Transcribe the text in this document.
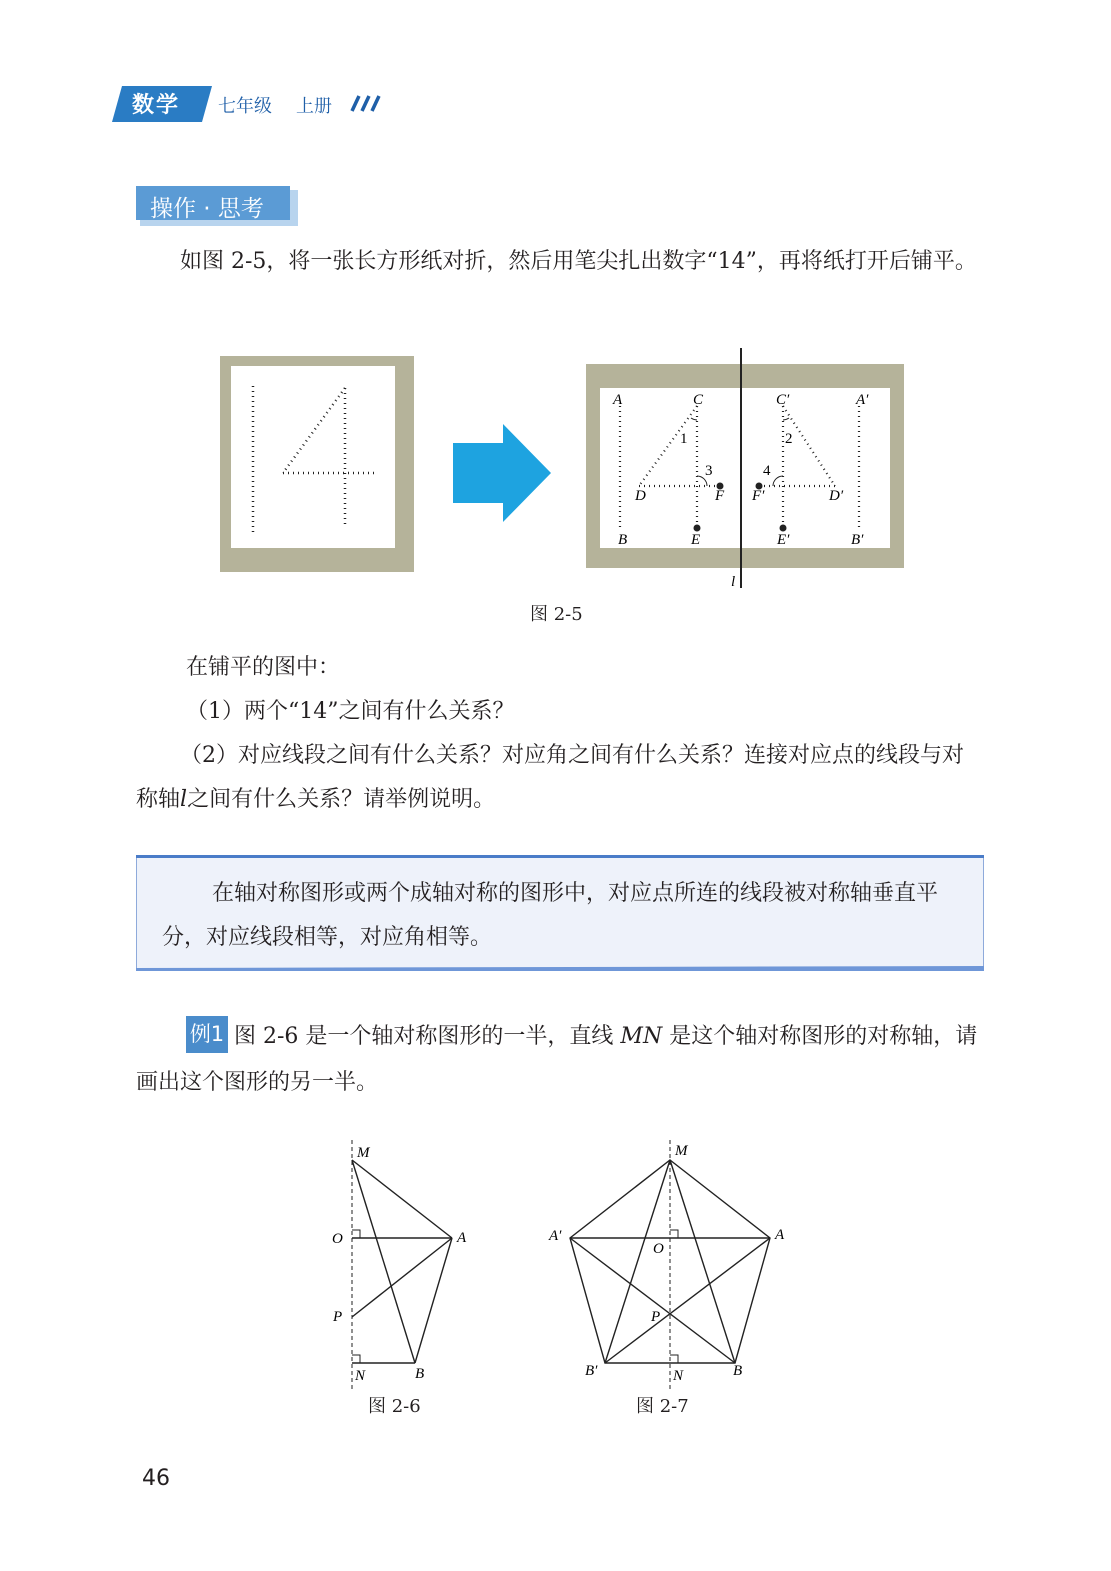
数学 七年级 上册
操作 · 思考
如图 2-5，将一张长方形纸对折，然后用笔尖扎出数字“14”，再将纸打开后铺平。
A	C
1
3
D	F
B	E
C′	A′
2
4
F′	D′
E′	B′
l
图 2-5
在铺平的图中：
（1）两个“14”之间有什么关系？
（2）对应线段之间有什么关系？对应角之间有什么关系？连接对应点的线段与对称轴l之间有什么关系？请举例说明。
在轴对称图形或两个成轴对称的图形中，对应点所连的线段被对称轴垂直平分，对应线段相等，对应角相等。
图 2-6 是一个轴对称图形的一半，直线 MN 是这个轴对称图形的对称轴，请画出这个图形的另一半。
例1
M
O	A
P
N	B
图 2-6
M
A′	A
O
P
B′	N	B
图 2-7
46
